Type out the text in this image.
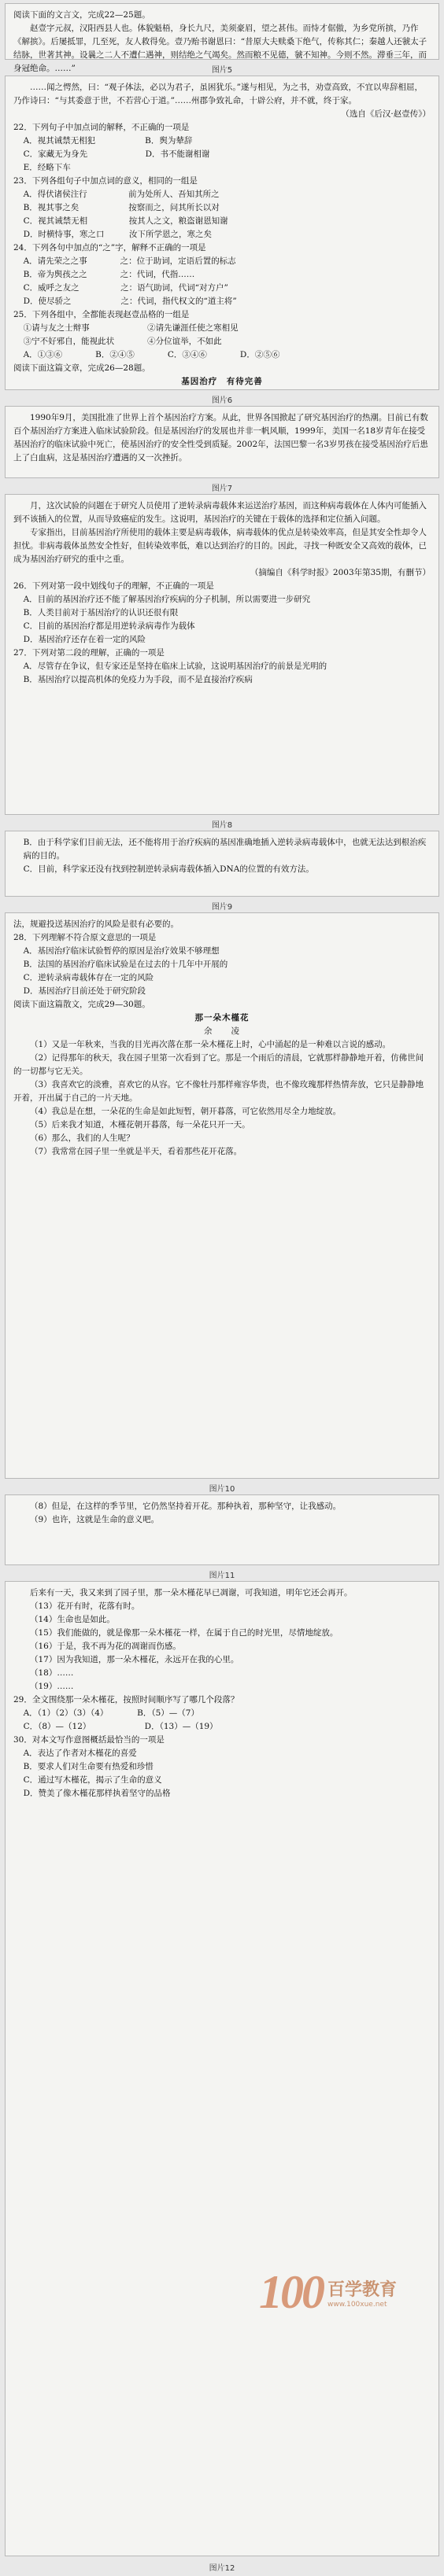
阅读下面的文言文，完成22—25题。

赵壹字元叔，汉阳西县人也。体貌魁梧，身长九尺，美须豪眉，望之甚伟。而恃才倨傲，为乡党所摈，乃作《解摈》。后屡抵罪，几至死，友人救得免。壹乃贻书谢恩曰：“昔原大夫赎桑下绝气，传称其仁；秦越人还虢太子结脉，世著其神。设曩之二人不遭仁遇神，则结绝之气竭矣。然而粮不见德，虢不知神。今则不然。滞垂三年，而身冠绝命。……”	图片5

……闻之愕然，曰：“观子体法，必以为君子，虽困犹乐。”遂与相见，为之书，劝壹高致，不宜以卑辞相屈，乃作诗曰：“与其委意于世，不若营心于道。”……州郡争致礼命，十辟公府，并不就，终于家。

（选自《后汉·赵壹传》）
22．下列句子中加点词的解释，不正确的一项是
A．视其诫禁无相犯　　　　　　B．舆为辇辞
C．家藏无为身先　　　　　　　D．书不能谢相谢
E．经略下车
23．下列各组句子中加点词的意义，相同的一组是
A．得伏诸侯注行　　　　　前为处所人、吾知其所之
B．视其事之矣　　　　　　按察而之，问其所长以对
C．视其诫禁无相　　　　　按其人之文，粮盗谢恩知谢
D．时横恃事，寒之口　　　汝下所学恩之，寒之矣
24．下列各句中加点的“之”字，解释不正确的一项是
A．请先荣之之事　　　　之：位于助词，定语后置的标志
B．帝为舆孩之之　　　　之：代词，代指……
C．威呼之友之　　　　　之：语气助词，代词“对方户”
D．使尽骄之　　　　　　之：代词，指代权文的“道主将”
25．下列各组中，全都能表现赵壹品格的一组是
①请与友之士辩事　　　　　　　②请先谦涯任使之寒相见
③宁不好邪自，能视此状　　　　④分位谊举，不如此
A．①③⑥　　　　B．②④⑤　　　　C．③④⑥　　　　D．②⑤⑥
阅读下面这篇文章，完成26—28题。
基因治疗　有待完善
图片6

1990年9月，美国批准了世界上首个基因治疗方案。从此，世界各国掀起了研究基因治疗的热潮。目前已有数百个基因治疗方案进入临床试验阶段。但是基因治疗的发展也并非一帆风顺，1999年，美国一名18岁青年在接受基因治疗的临床试验中死亡，使基因治疗的安全性受到质疑。2002年，法国巴黎一名3岁男孩在接受基因治疗后患上了白血病，这是基因治疗遭遇的又一次挫折。

图片7

月，这次试验的问题在于研究人员使用了逆转录病毒载体来运送治疗基因，而这种病毒载体在人体内可能插入到不该插入的位置，从而导致癌症的发生。这说明，基因治疗的关键在于载体的选择和定位插入问题。

专家指出，目前基因治疗所使用的载体主要是病毒载体，病毒载体的优点是转染效率高，但是其安全性却令人担忧。非病毒载体虽然安全性好，但转染效率低，难以达到治疗的目的。因此，寻找一种既安全又高效的载体，已成为基因治疗研究的重中之重。

（摘编自《科学时报》2003年第35期，有删节）
26．下列对第一段中划线句子的理解，不正确的一项是
A．目前的基因治疗还不能了解基因治疗疾病的分子机制，所以需要进一步研究
B．人类目前对于基因治疗的认识还很有限
C．目前的基因治疗都是用逆转录病毒作为载体
D．基因治疗还存在着一定的风险
27．下列对第二段的理解，正确的一项是
A．尽管存在争议，但专家还是坚持在临床上试验，这说明基因治疗的前景是光明的
B．基因治疗以提高机体的免疫力为手段，而不是直接治疗疾病
图片8
B．由于科学家们目前无法，还不能将用于治疗疾病的基因准确地插入逆转录病毒载体中，也就无法达到根治疾病的目的。
C．目前，科学家还没有找到控制逆转录病毒载体插入DNA的位置的有效方法。
图片9
法，规避投送基因治疗的风险是很有必要的。
28．下列理解不符合原文意思的一项是
A．基因治疗临床试验暂停的原因是治疗效果不够理想
B．法国的基因治疗临床试验是在过去的十几年中开展的
C．逆转录病毒载体存在一定的风险
D．基因治疗目前还处于研究阶段
阅读下面这篇散文，完成29—30题。
那一朵木槿花
余　　凌

（1）又是一年秋来，当我的目光再次落在那一朵木槿花上时，心中涌起的是一种难以言说的感动。

（2）记得那年的秋天，我在园子里第一次看到了它。那是一个雨后的清晨，它就那样静静地开着，仿佛世间的一切都与它无关。

（3）我喜欢它的淡雅，喜欢它的从容。它不像牡丹那样雍容华贵，也不像玫瑰那样热情奔放，它只是静静地开着，开出属于自己的一片天地。

（4）我总是在想，一朵花的生命是如此短暂，朝开暮落，可它依然用尽全力地绽放。

（5）后来我才知道，木槿花朝开暮落，每一朵花只开一天。

（6）那么，我们的人生呢？

（7）我常常在园子里一坐就是半天，看着那些花开花落。

图片10

（8）但是，在这样的季节里，它仍然坚持着开花。那种执着，那种坚守，让我感动。

（9）也许，这就是生命的意义吧。

图片11

后来有一天，我又来到了园子里，那一朵木槿花早已凋谢，可我知道，明年它还会再开。

（13）花开有时，花落有时。

（14）生命也是如此。

（15）我们能做的，就是像那一朵木槿花一样，在属于自己的时光里，尽情地绽放。

（16）于是，我不再为花的凋谢而伤感。

（17）因为我知道，那一朵木槿花，永远开在我的心里。

（18）……

（19）……

29．全文围绕那一朵木槿花，按照时间顺序写了哪几个段落？
A．（1）（2）（3）（4）　　　　B．（5）—（7）
C．（8）—（12）　　　　　　　D．（13）—（19）
30．对本文写作意图概括最恰当的一项是
A．表达了作者对木槿花的喜爱
B．要求人们对生命要有热爱和珍惜
C．通过写木槿花，揭示了生命的意义
D．赞美了像木槿花那样执着坚守的品格
100 百学教育
www.100xue.net
图片12
